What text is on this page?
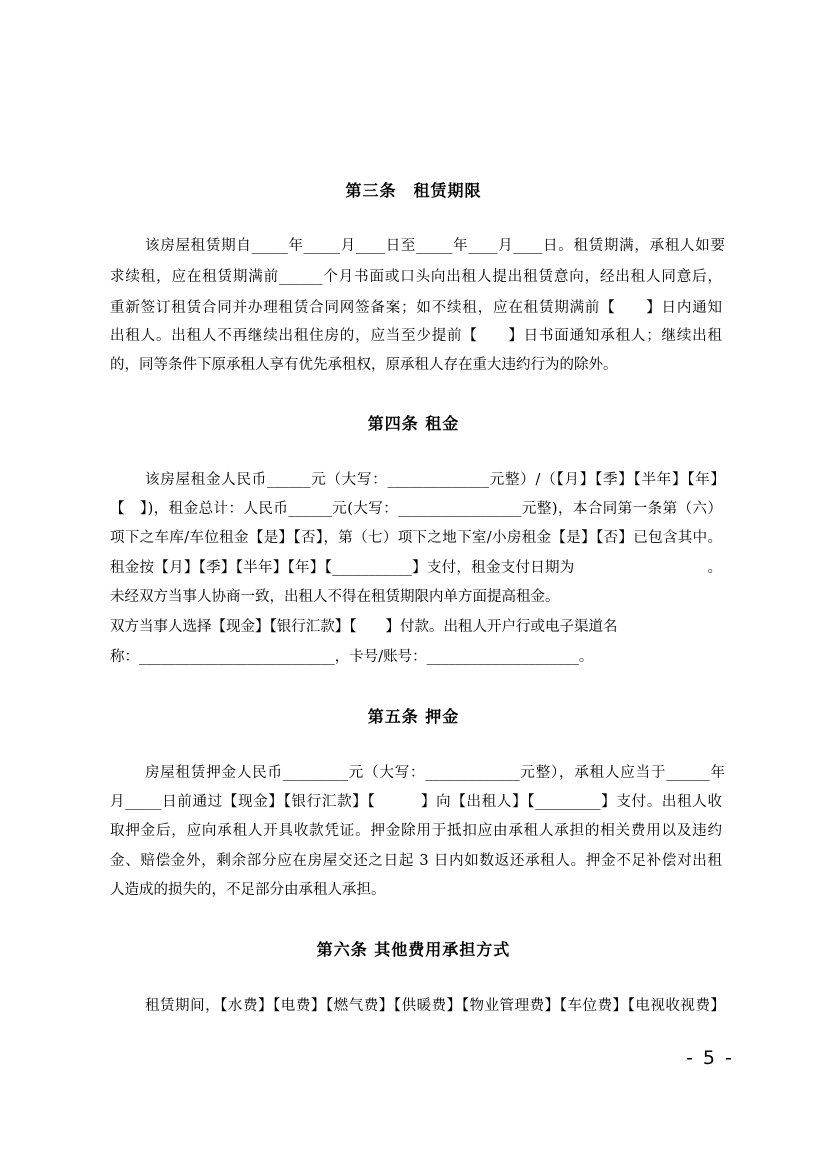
第三条　租赁期限
该房屋租赁期自_____年_____月____日至_____年____月____日。租赁期满，承租人如要
求续租，应在租赁期满前______个月书面或口头向出租人提出租赁意向，经出租人同意后，
重新签订租赁合同并办理租赁合同网签备案；如不续租，应在租赁期满前【　　】日内通知
出租人。出租人不再继续出租住房的，应当至少提前【　　】日书面通知承租人；继续出租
的，同等条件下原承租人享有优先承租权，原承租人存在重大违约行为的除外。
第四条 租金
该房屋租金人民币______元（大写：______________元整）/（【月】【季】【半年】【年】
【　】)，租金总计：人民币______元(大写：_________________元整)，本合同第一条第（六）
项下之车库/车位租金【是】【否】，第（七）项下之地下室/小房租金【是】【否】已包含其中。
租金按【月】【季】【半年】【年】【___________】支付，租金支付日期为　　　　　　　　　。
未经双方当事人协商一致，出租人不得在租赁期限内单方面提高租金。
双方当事人选择【现金】【银行汇款】【　　】付款。出租人开户行或电子渠道名
称：___________________________，卡号/账号：_____________________。
第五条 押金
房屋租赁押金人民币_________元（大写：_____________元整），承租人应当于______年
月_____日前通过【现金】【银行汇款】【　　　】向【出租人】【_________】支付。出租人收
取押金后，应向承租人开具收款凭证。押金除用于抵扣应由承租人承担的相关费用以及违约
金、赔偿金外，剩余部分应在房屋交还之日起 3 日内如数返还承租人。押金不足补偿对出租
人造成的损失的，不足部分由承租人承担。
第六条 其他费用承担方式
租赁期间，【水费】【电费】【燃气费】【供暖费】【物业管理费】【车位费】【电视收视费】
- 5 -
